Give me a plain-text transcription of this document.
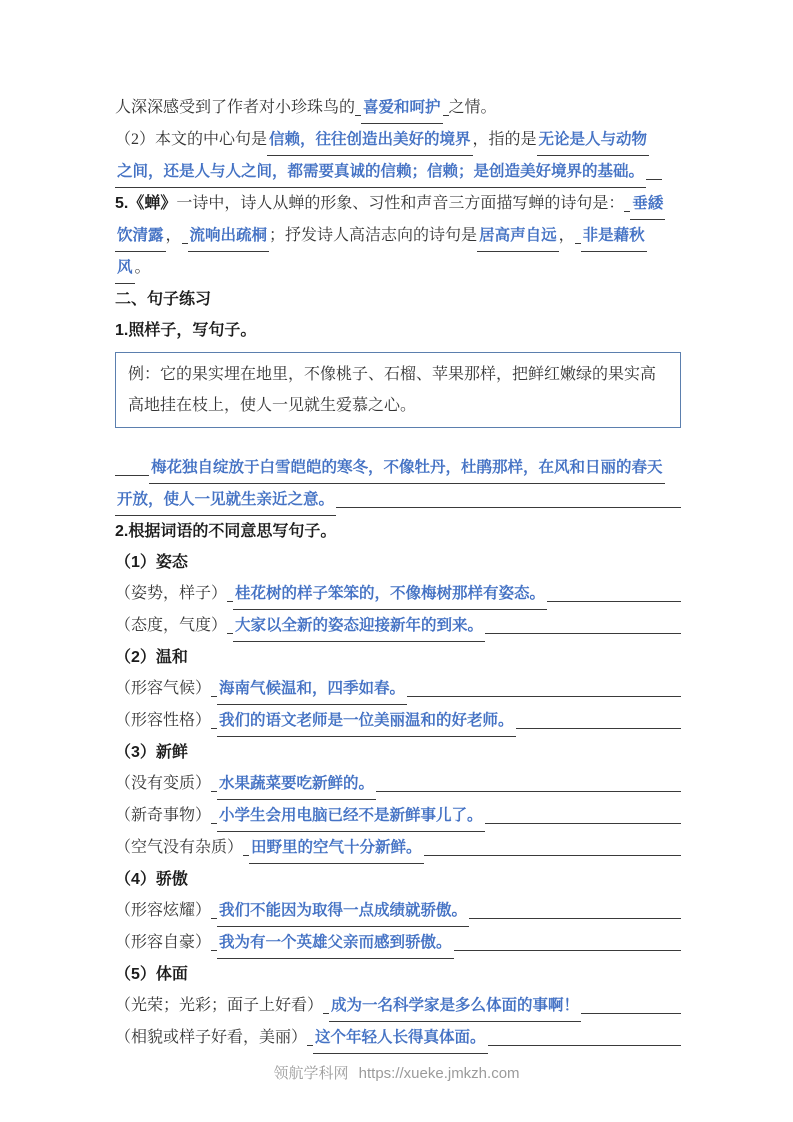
人深深感受到了作者对小珍珠鸟的 喜爱和呵护 之情。
（2）本文的中心句是 信赖，往往创造出美好的境界 ，指的是 无论是人与动物
之间，还是人与人之间，都需要真诚的信赖；信赖；是创造美好境界的基础。
5.《蝉》 一诗中，诗人从蝉的形象、习性和声音三方面描写蝉的诗句是： 垂緌
饮清露 ， 流响出疏桐 ；抒发诗人高洁志向的诗句是 居高声自远 ， 非是藉秋
风 。
二、句子练习
1.照样子，写句子。
例：它的果实埋在地里，不像桃子、石榴、苹果那样，把鲜红嫩绿的果实高高地挂在枝上，使人一见就生爱慕之心。
梅花独自绽放于白雪皑皑的寒冬，不像牡丹，杜鹃那样，在风和日丽的春天
开放，使人一见就生亲近之意。
2.根据词语的不同意思写句子。
（1）姿态
（姿势，样子） 桂花树的样子笨笨的，不像梅树那样有姿态。
（态度，气度） 大家以全新的姿态迎接新年的到来。
（2）温和
（形容气候） 海南气候温和，四季如春。
（形容性格） 我们的语文老师是一位美丽温和的好老师。
（3）新鲜
（没有变质） 水果蔬菜要吃新鲜的。
（新奇事物） 小学生会用电脑已经不是新鲜事儿了。
（空气没有杂质） 田野里的空气十分新鲜。
（4）骄傲
（形容炫耀） 我们不能因为取得一点成绩就骄傲。
（形容自豪） 我为有一个英雄父亲而感到骄傲。
（5）体面
（光荣；光彩；面子上好看） 成为一名科学家是多么体面的事啊！
（相貌或样子好看，美丽） 这个年轻人长得真体面。
领航学科网 https://xueke.jmkzh.com
